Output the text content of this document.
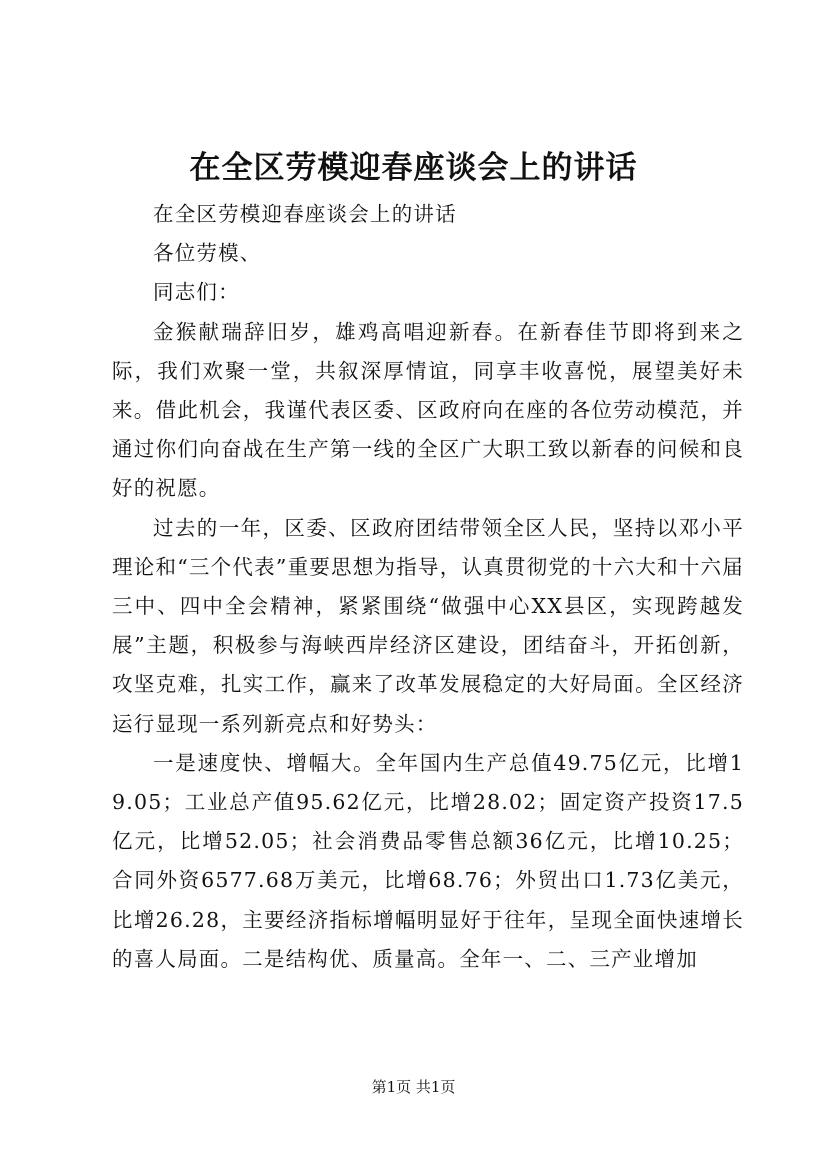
在全区劳模迎春座谈会上的讲话

在全区劳模迎春座谈会上的讲话

各位劳模、

同志们：

金猴献瑞辞旧岁，雄鸡高唱迎新春。在新春佳节即将到来之际，我们欢聚一堂，共叙深厚情谊，同享丰收喜悦，展望美好未来。借此机会，我谨代表区委、区政府向在座的各位劳动模范，并通过你们向奋战在生产第一线的全区广大职工致以新春的问候和良好的祝愿。

过去的一年，区委、区政府团结带领全区人民，坚持以邓小平理论和“三个代表”重要思想为指导，认真贯彻党的十六大和十六届三中、四中全会精神，紧紧围绕“做强中心XX县区，实现跨越发展”主题，积极参与海峡西岸经济区建设，团结奋斗，开拓创新，攻坚克难，扎实工作，赢来了改革发展稳定的大好局面。全区经济运行显现一系列新亮点和好势头：

一是速度快、增幅大。全年国内生产总值49.75亿元，比增19.05；工业总产值95.62亿元，比增28.02；固定资产投资17.5亿元，比增52.05；社会消费品零售总额36亿元，比增10.25；合同外资6577.68万美元，比增68.76；外贸出口1.73亿美元，比增26.28，主要经济指标增幅明显好于往年，呈现全面快速增长的喜人局面。二是结构优、质量高。全年一、二、三产业增加

第1页 共1页
